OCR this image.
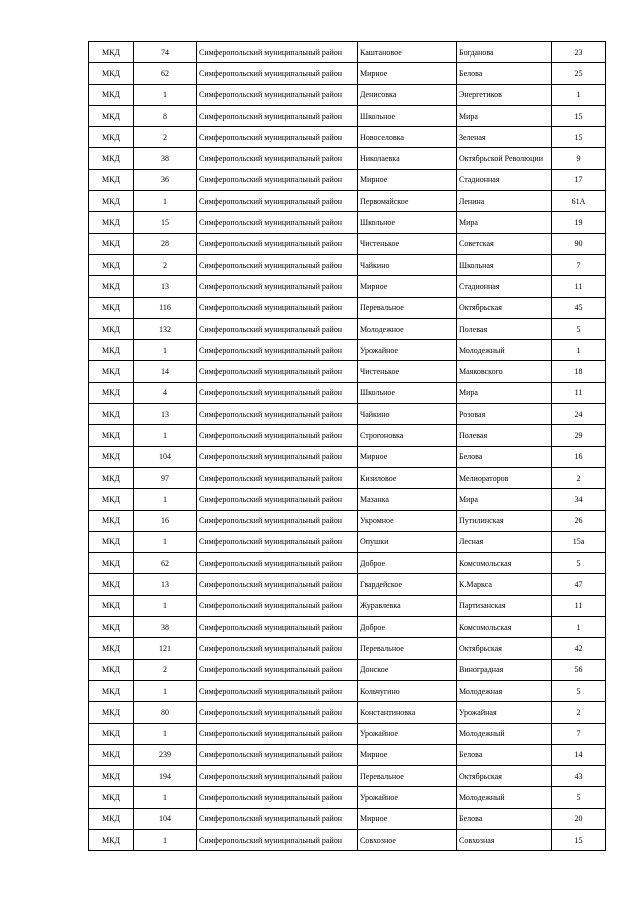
МКД	74	Симферопольский муниципальный район	Каштановое	Богданова	23
МКД	62	Симферопольский муниципальный район	Мирное	Белова	25
МКД	1	Симферопольский муниципальный район	Денисовка	Энергетиков	1
МКД	8	Симферопольский муниципальный район	Школьное	Мира	15
МКД	2	Симферопольский муниципальный район	Новоселовка	Зеленая	15
МКД	38	Симферопольский муниципальный район	Николаевка	Октябрьской Революции	9
МКД	36	Симферопольский муниципальный район	Мирное	Стадионная	17
МКД	1	Симферопольский муниципальный район	Первомайское	Ленина	61А
МКД	15	Симферопольский муниципальный район	Школьное	Мира	19
МКД	28	Симферопольский муниципальный район	Чистенькое	Советская	90
МКД	2	Симферопольский муниципальный район	Чайкино	Школьная	7
МКД	13	Симферопольский муниципальный район	Мирное	Стадионная	11
МКД	116	Симферопольский муниципальный район	Перевальное	Октябрьская	45
МКД	132	Симферопольский муниципальный район	Молодежное	Полевая	5
МКД	1	Симферопольский муниципальный район	Урожайное	Молодежный	1
МКД	14	Симферопольский муниципальный район	Чистенькое	Маяковского	18
МКД	4	Симферопольский муниципальный район	Школьное	Мира	11
МКД	13	Симферопольский муниципальный район	Чайкино	Розовая	24
МКД	1	Симферопольский муниципальный район	Строгоновка	Полевая	29
МКД	104	Симферопольский муниципальный район	Мирное	Белова	16
МКД	97	Симферопольский муниципальный район	Кизиловое	Мелиораторов	2
МКД	1	Симферопольский муниципальный район	Мазанка	Мира	34
МКД	16	Симферопольский муниципальный район	Укромное	Путилинская	26
МКД	1	Симферопольский муниципальный район	Опушки	Лесная	15а
МКД	62	Симферопольский муниципальный район	Доброе	Комсомольская	5
МКД	13	Симферопольский муниципальный район	Гвардейское	К.Маркса	47
МКД	1	Симферопольский муниципальный район	Журавлевка	Партизанская	11
МКД	38	Симферопольский муниципальный район	Доброе	Комсомольская	1
МКД	121	Симферопольский муниципальный район	Перевальное	Октябрьская	42
МКД	2	Симферопольский муниципальный район	Донское	Виноградная	56
МКД	1	Симферопольский муниципальный район	Кольчугино	Молодежная	5
МКД	80	Симферопольский муниципальный район	Константиновка	Урожайная	2
МКД	1	Симферопольский муниципальный район	Урожайное	Молодежный	7
МКД	239	Симферопольский муниципальный район	Мирное	Белова	14
МКД	194	Симферопольский муниципальный район	Перевальное	Октябрьская	43
МКД	1	Симферопольский муниципальный район	Урожайное	Молодежный	5
МКД	104	Симферопольский муниципальный район	Мирное	Белова	20
МКД	1	Симферопольский муниципальный район	Совхозное	Совхозная	15
